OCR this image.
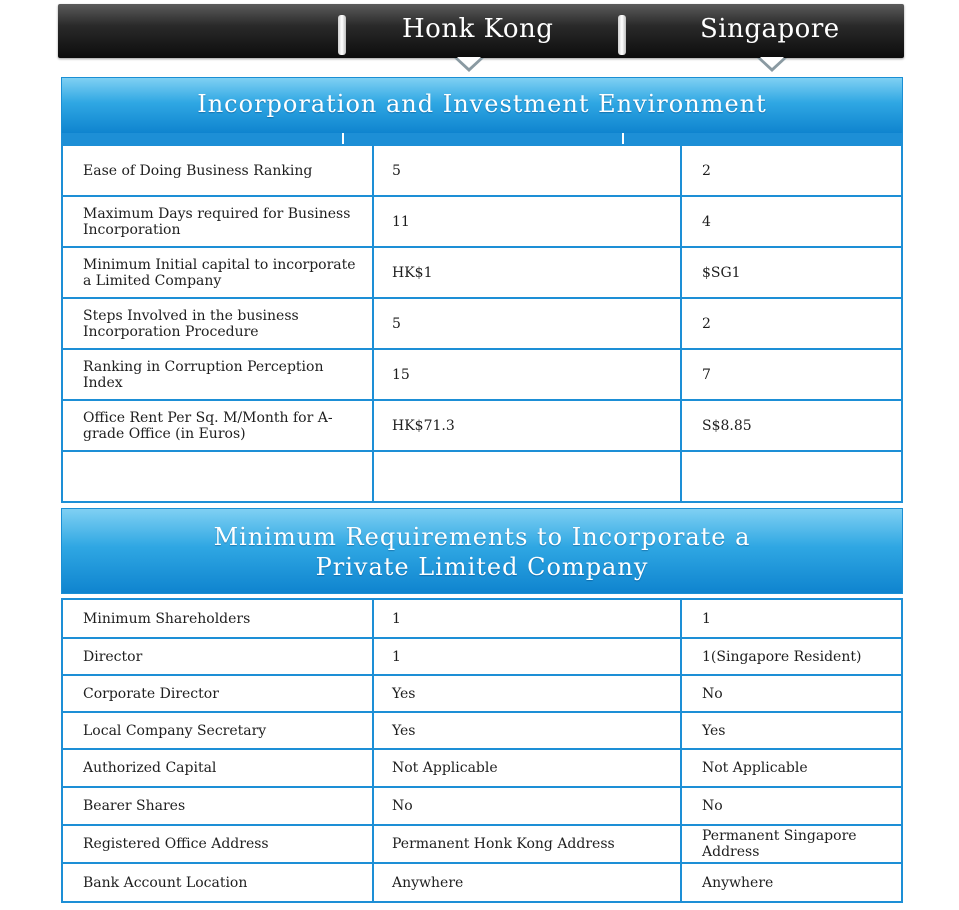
Honk Kong	Singapore
Incorporation and Investment Environment
Ease of Doing Business Ranking	5	2
Maximum Days required for Business Incorporation	11	4
Minimum Initial capital to incorporate a Limited Company	HK$1	$SG1
Steps Involved in the business Incorporation Procedure	5	2
Ranking in Corruption Perception Index	15	7
Office Rent Per Sq. M/Month for A-grade Office (in Euros)	HK$71.3	S$8.85

Minimum Requirements to Incorporate a
Private Limited Company
Minimum Shareholders	1	1
Director	1	1(Singapore Resident)
Corporate Director	Yes	No
Local Company Secretary	Yes	Yes
Authorized Capital	Not Applicable	Not Applicable
Bearer Shares	No	No
Registered Office Address	Permanent Honk Kong Address	Permanent Singapore Address
Bank Account Location	Anywhere	Anywhere
